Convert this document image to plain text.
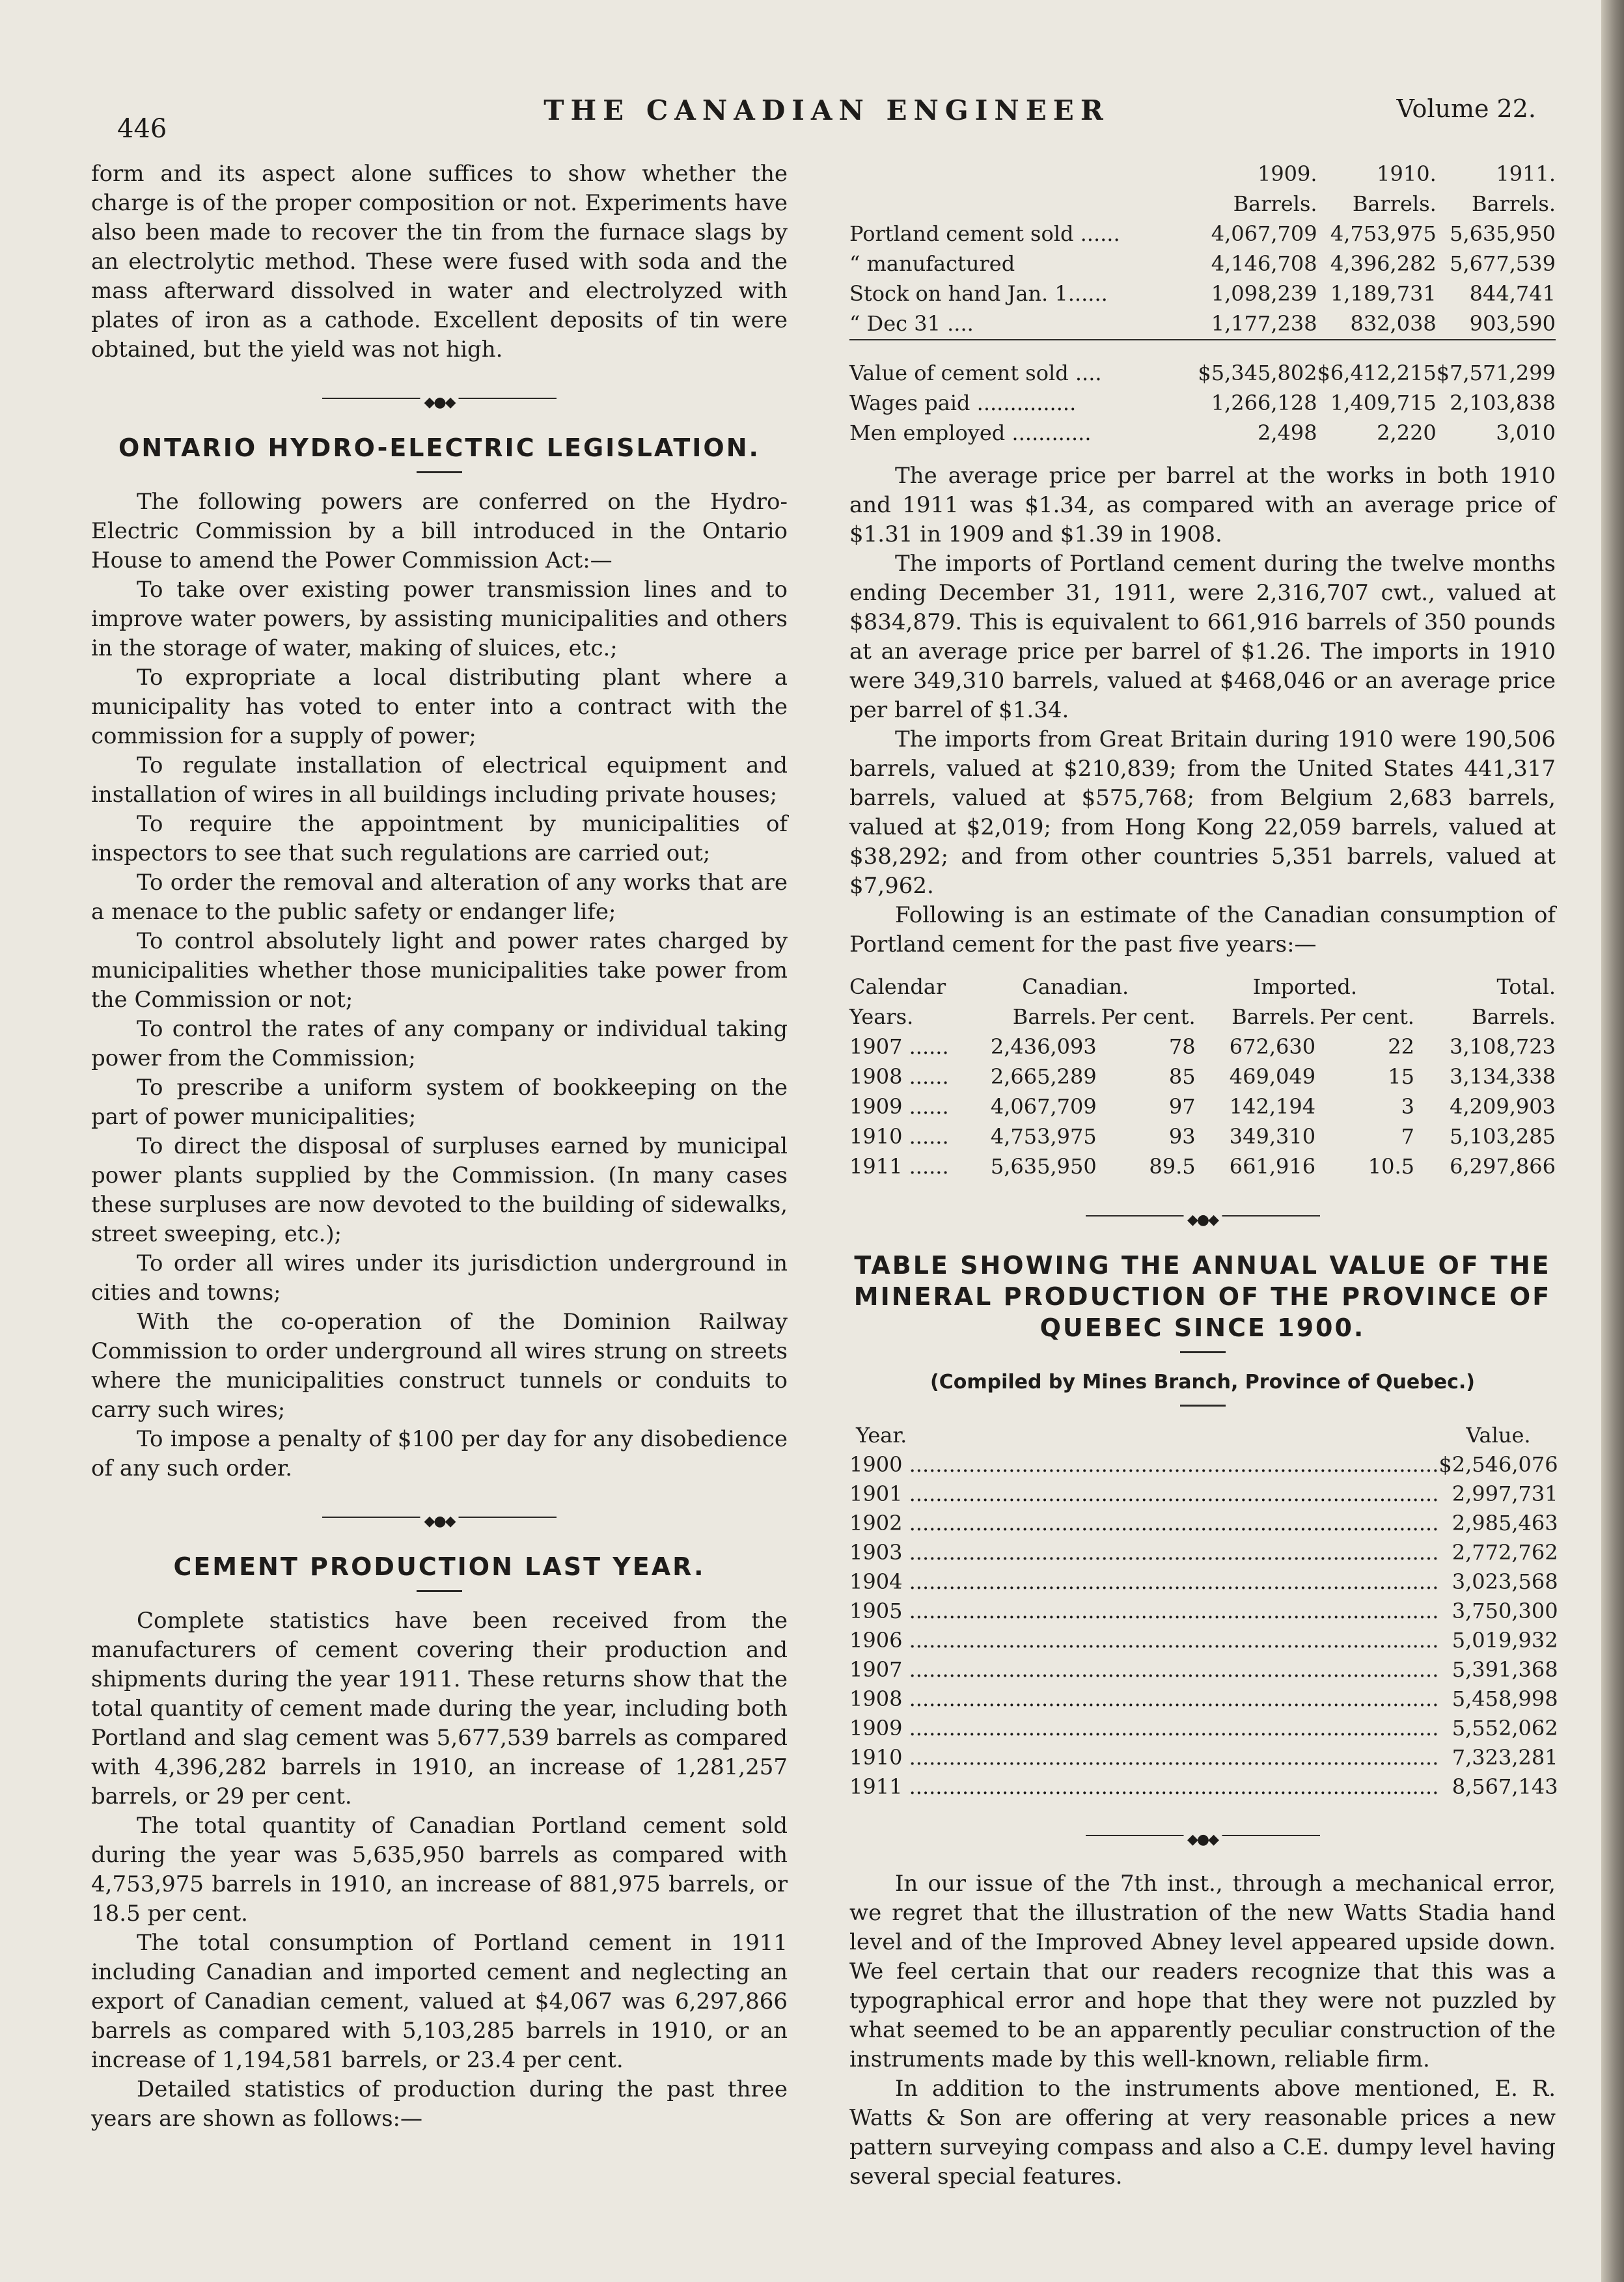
446
THE CANADIAN ENGINEER	Volume 22.

form and its aspect alone suffices to show whether the charge is of the proper composition or not. Experiments have also been made to recover the tin from the furnace slags by an electrolytic method. These were fused with soda and the mass afterward dissolved in water and electrolyzed with plates of iron as a cathode. Excellent deposits of tin were obtained, but the yield was not high.

◆●◆
ONTARIO HYDRO-ELECTRIC LEGISLATION.

The following powers are conferred on the Hydro-Electric Commission by a bill introduced in the Ontario House to amend the Power Commission Act:—

To take over existing power transmission lines and to improve water powers, by assisting municipalities and others in the storage of water, making of sluices, etc.;

To expropriate a local distributing plant where a municipality has voted to enter into a contract with the commission for a supply of power;

To regulate installation of electrical equipment and installation of wires in all buildings including private houses;

To require the appointment by municipalities of inspectors to see that such regulations are carried out;

To order the removal and alteration of any works that are a menace to the public safety or endanger life;

To control absolutely light and power rates charged by municipalities whether those municipalities take power from the Commission or not;

To control the rates of any company or individual taking power from the Commission;

To prescribe a uniform system of bookkeeping on the part of power municipalities;

To direct the disposal of surpluses earned by municipal power plants supplied by the Commission. (In many cases these surpluses are now devoted to the building of sidewalks, street sweeping, etc.);

To order all wires under its jurisdiction underground in cities and towns;

With the co-operation of the Dominion Railway Commission to order underground all wires strung on streets where the municipalities construct tunnels or conduits to carry such wires;

To impose a penalty of $100 per day for any disobedience of any such order.

◆●◆
CEMENT PRODUCTION LAST YEAR.

Complete statistics have been received from the manufacturers of cement covering their production and shipments during the year 1911. These returns show that the total quantity of cement made during the year, including both Portland and slag cement was 5,677,539 barrels as compared with 4,396,282 barrels in 1910, an increase of 1,281,257 barrels, or 29 per cent.

The total quantity of Canadian Portland cement sold during the year was 5,635,950 barrels as compared with 4,753,975 barrels in 1910, an increase of 881,975 barrels, or 18.5 per cent.

The total consumption of Portland cement in 1911 including Canadian and imported cement and neglecting an export of Canadian cement, valued at $4,067 was 6,297,866 barrels as compared with 5,103,285 barrels in 1910, or an increase of 1,194,581 barrels, or 23.4 per cent.

Detailed statistics of production during the past three years are shown as follows:—

	1909.	1910.	1911.
	Barrels.	Barrels.	Barrels.
Portland cement sold ......	4,067,709	4,753,975	5,635,950
“ manufactured	4,146,708	4,396,282	5,677,539
Stock on hand Jan. 1......	1,098,239	1,189,731	844,741
“ Dec 31 ....	1,177,238	832,038	903,590

Value of cement sold ....	$5,345,802	$6,412,215	$7,571,299
Wages paid ...............	1,266,128	1,409,715	2,103,838
Men employed ............	2,498	2,220	3,010

The average price per barrel at the works in both 1910 and 1911 was $1.34, as compared with an average price of $1.31 in 1909 and $1.39 in 1908.

The imports of Portland cement during the twelve months ending December 31, 1911, were 2,316,707 cwt., valued at $834,879. This is equivalent to 661,916 barrels of 350 pounds at an average price per barrel of $1.26. The imports in 1910 were 349,310 barrels, valued at $468,046 or an average price per barrel of $1.34.

The imports from Great Britain during 1910 were 190,506 barrels, valued at $210,839; from the United States 441,317 barrels, valued at $575,768; from Belgium 2,683 barrels, valued at $2,019; from Hong Kong 22,059 barrels, valued at $38,292; and from other countries 5,351 barrels, valued at $7,962.

Following is an estimate of the Canadian consumption of Portland cement for the past five years:—

Calendar	Canadian.		Imported.		Total.
Years.	Barrels.	Per cent.	Barrels.	Per cent.	Barrels.
1907 ......	2,436,093	78	672,630	22	3,108,723
1908 ......	2,665,289	85	469,049	15	3,134,338
1909 ......	4,067,709	97	142,194	3	4,209,903
1910 ......	4,753,975	93	349,310	7	5,103,285
1911 ......	5,635,950	89.5	661,916	10.5	6,297,866
◆●◆
TABLE SHOWING THE ANNUAL VALUE OF THE MINERAL PRODUCTION OF THE PROVINCE OF QUEBEC SINCE 1900.

(Compiled by Mines Branch, Province of Quebec.)

Year.	Value.
1900 ................................................................................	$2,546,076
1901 ................................................................................	2,997,731
1902 ................................................................................	2,985,463
1903 ................................................................................	2,772,762
1904 ................................................................................	3,023,568
1905 ................................................................................	3,750,300
1906 ................................................................................	5,019,932
1907 ................................................................................	5,391,368
1908 ................................................................................	5,458,998
1909 ................................................................................	5,552,062
1910 ................................................................................	7,323,281
1911 ................................................................................	8,567,143
◆●◆

In our issue of the 7th inst., through a mechanical error, we regret that the illustration of the new Watts Stadia hand level and of the Improved Abney level appeared upside down. We feel certain that our readers recognize that this was a typographical error and hope that they were not puzzled by what seemed to be an apparently peculiar construction of the instruments made by this well-known, reliable firm.

In addition to the instruments above mentioned, E. R. Watts & Son are offering at very reasonable prices a new pattern surveying compass and also a C.E. dumpy level having several special features.
